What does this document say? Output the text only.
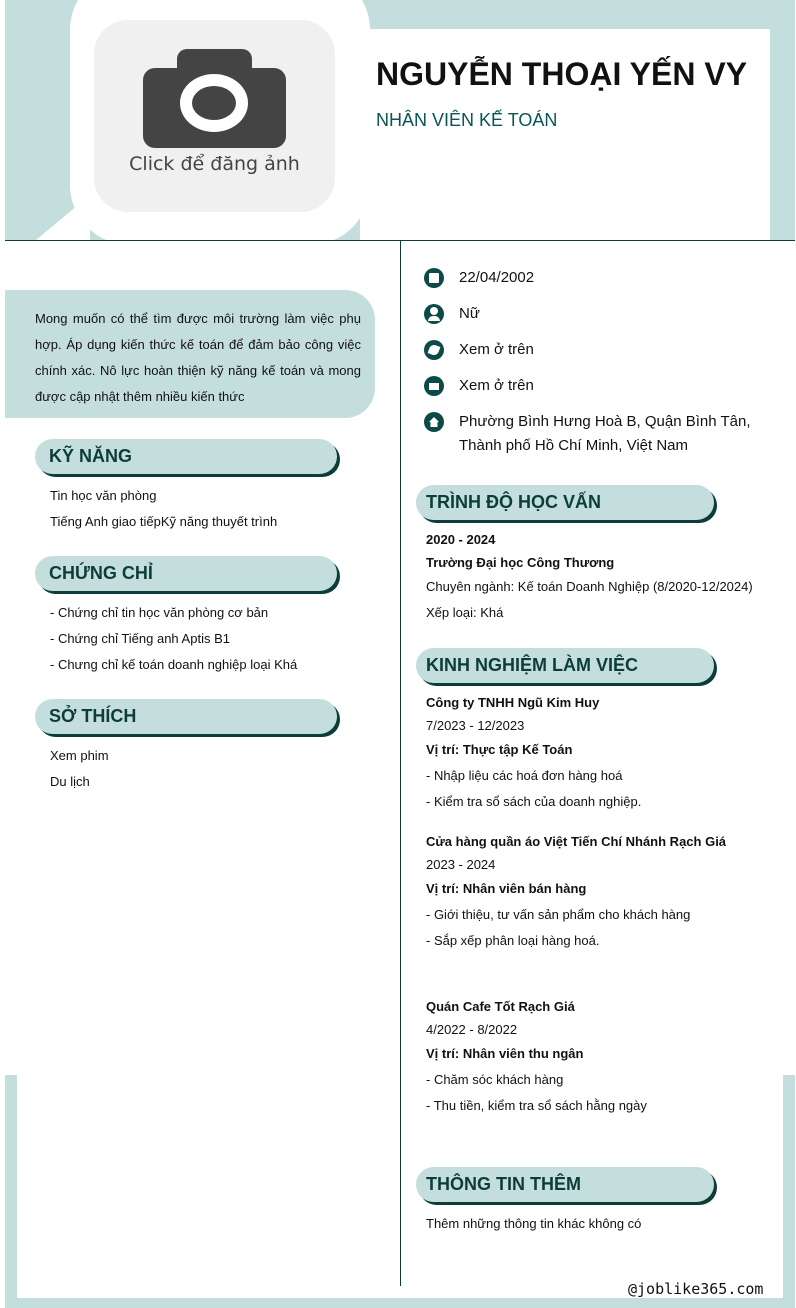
Click để đăng ảnh
NGUYỄN THOẠI YẾN VY
NHÂN VIÊN KẾ TOÁN
Mong muốn có thể tìm được môi trường làm việc phụ hợp. Áp dụng kiến thức kế toán để đảm bảo công việc chính xác. Nô lực hoàn thiện kỹ năng kế toán và mong được cập nhật thêm nhiều kiến thức
KỸ NĂNG
Tin học văn phòng
Tiếng Anh giao tiếpKỹ năng thuyết trình
CHỨNG CHỈ
- Chứng chỉ tin học văn phòng cơ bản
- Chứng chỉ Tiếng anh Aptis B1
- Chưng chỉ kế toán doanh nghiệp loại Khá
SỞ THÍCH
Xem phim
Du lịch
22/04/2002
Nữ
Xem ở trên
Xem ở trên
Phường Bình Hưng Hoà B, Quận Bình Tân, Thành phố Hồ Chí Minh, Việt Nam
TRÌNH ĐỘ HỌC VẤN
2020 - 2024
Trường Đại học Công Thương
Chuyên ngành: Kế toán Doanh Nghiệp (8/2020-12/2024)
Xếp loại: Khá
KINH NGHIỆM LÀM VIỆC
Công ty TNHH Ngũ Kim Huy
7/2023 - 12/2023
Vị trí: Thực tập Kế Toán
- Nhập liệu các hoá đơn hàng hoá
- Kiểm tra sổ sách của doanh nghiệp.
Cửa hàng quần áo Việt Tiến Chí Nhánh Rạch Giá
2023 - 2024
Vị trí: Nhân viên bán hàng
- Giới thiệu, tư vấn sản phẩm cho khách hàng
- Sắp xếp phân loại hàng hoá.
Quán Cafe Tốt Rạch Giá
4/2022 - 8/2022
Vị trí: Nhân viên thu ngân
- Chăm sóc khách hàng
- Thu tiền, kiểm tra sổ sách hằng ngày
THÔNG TIN THÊM
Thêm những thông tin khác không có
@joblike365.com
